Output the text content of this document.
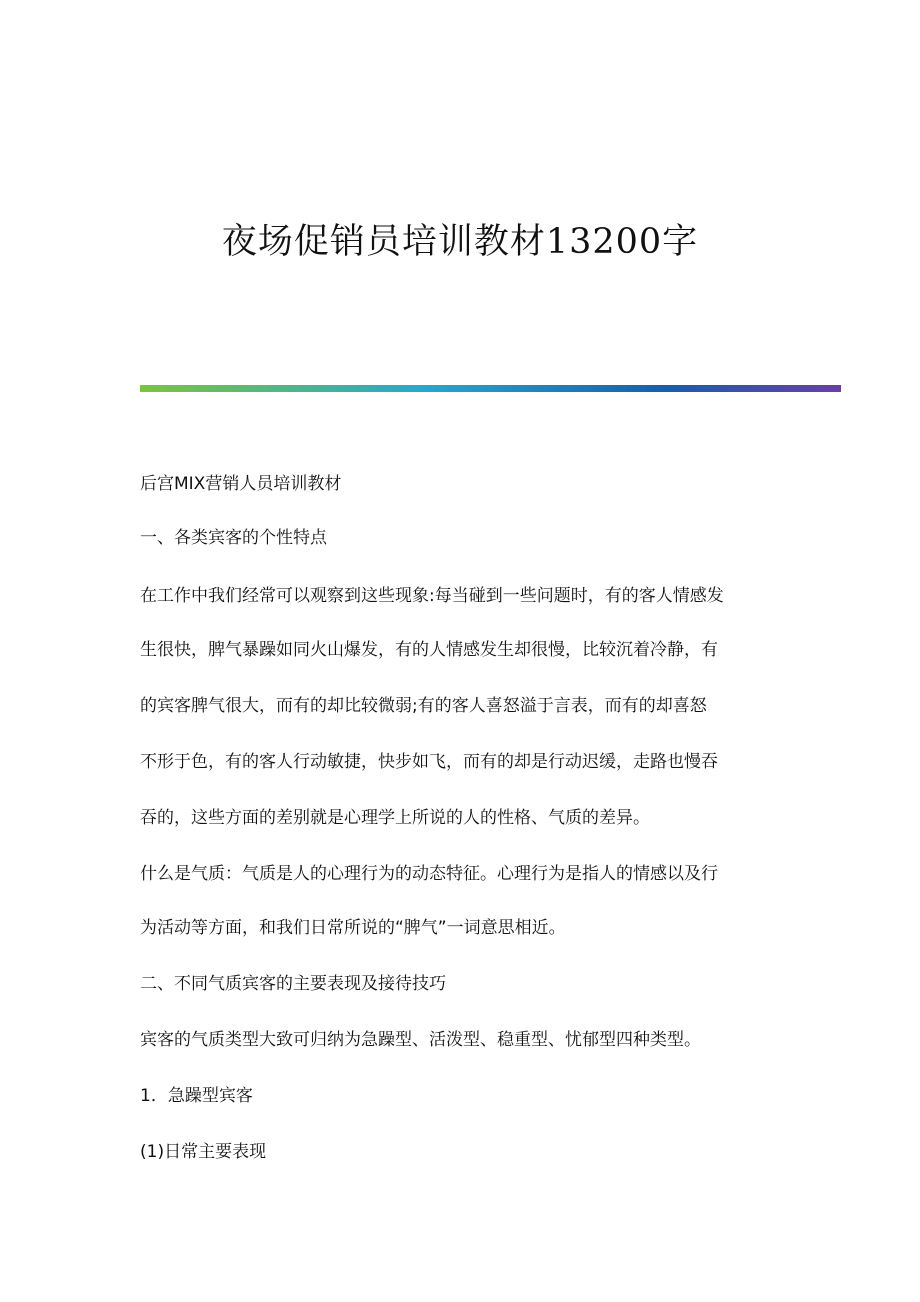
夜场促销员培训教材13200字

后宫MIX营销人员培训教材

一、各类宾客的个性特点

在工作中我们经常可以观察到这些现象:每当碰到一些问题时，有的客人情感发

生很快，脾气暴躁如同火山爆发，有的人情感发生却很慢，比较沉着冷静，有

的宾客脾气很大，而有的却比较微弱;有的客人喜怒溢于言表，而有的却喜怒

不形于色，有的客人行动敏捷，快步如飞，而有的却是行动迟缓，走路也慢吞

吞的，这些方面的差别就是心理学上所说的人的性格、气质的差异。

什么是气质：气质是人的心理行为的动态特征。心理行为是指人的情感以及行

为活动等方面，和我们日常所说的“脾气”一词意思相近。

二、不同气质宾客的主要表现及接待技巧

宾客的气质类型大致可归纳为急躁型、活泼型、稳重型、忧郁型四种类型。

1．急躁型宾客

(1)日常主要表现
